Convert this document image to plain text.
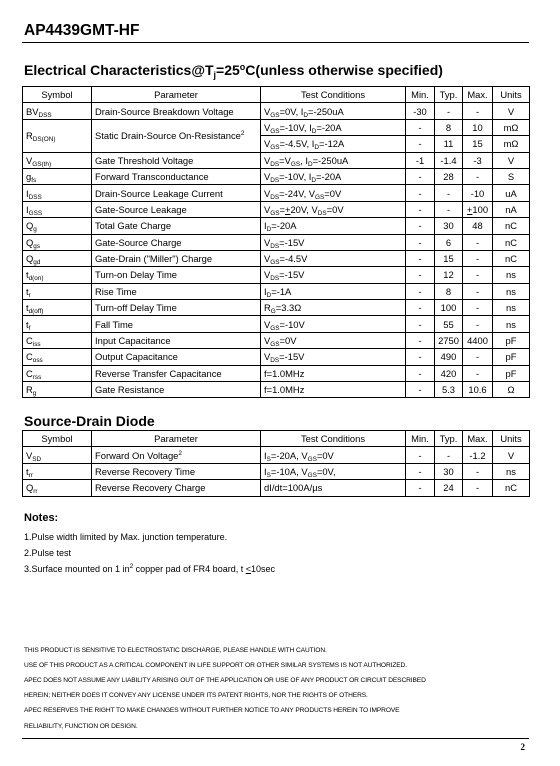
AP4439GMT-HF
Electrical $Characteristics@T_j=25^oC(unless$ otherwise specified)
Symbol	Parameter	Test Conditions	Min.	Typ.	Max.	Units
$BV_{DSS}$	Drain-Source Breakdown Voltage	$V_{GS}=0V$, $I_D=-250uA$	-30	-	-	V
$R_{DS(ON)}$	Static Drain-Source On-Resistance$^2$	$V_{GS}=-10V$, $I_D=-20A$	-	8	10	mΩ
		$V_{GS}=-4.5V$, $I_D=-12A$	-	11	15	mΩ
$V_{GS(th)}$	Gate Threshold Voltage	$V_{DS}=V_{GS}$, $I_D=-250uA$	-1	-1.4	-3	V
$g_{fs}$	Forward Transconductance	$V_{DS}=-10V$, $I_D=-20A$	-	28	-	S
$I_{DSS}$	Drain-Source Leakage Current	$V_{DS}=-24V$, $V_{GS}=0V$	-	-	-10	uA
$I_{GSS}$	Gate-Source Leakage	$V_{GS}=+20V$, $V_{DS}=0V$	-	-	+100	nA
$Q_g$	Total Gate Charge	$I_D=-20A$	-	30	48	nC
$Q_{gs}$	Gate-Source Charge	$V_{DS}=-15V$	-	6	-	nC
$Q_{gd}$	Gate-Drain ("Miller") Charge	$V_{GS}=-4.5V$	-	15	-	nC
$t_{d(on)}$	Turn-on Delay Time	$V_{DS}=-15V$	-	12	-	ns
$t_r$	Rise Time	$I_D=-1A$	-	8	-	ns
$t_{d(off)}$	Turn-off Delay Time	$R_G=3.3\Omega$	-	100	-	ns
$t_f$	Fall Time	$V_{GS}=-10V$	-	55	-	ns
$C_{iss}$	Input Capacitance	$V_{GS}=0V$	-	2750	4400	pF
$C_{oss}$	Output Capacitance	$V_{DS}=-15V$	-	490	-	pF
$C_{rss}$	Reverse Transfer Capacitance	f=1.0MHz	-	420	-	pF
$R_g$	Gate Resistance	f=1.0MHz	-	5.3	10.6	Ω
Source-Drain Diode
Symbol	Parameter	Test Conditions	Min.	Typ.	Max.	Units
$V_{SD}$	Forward On Voltage$^2$	$I_S=-20A$, $V_{GS}=0V$	-	-	-1.2	V
$t_{rr}$	Reverse Recovery Time	$I_S=-10A$, $V_{GS}=0V$,	-	30	-	ns
$Q_{rr}$	Reverse Recovery Charge	dI/dt=100A/µs	-	24	-	nC
Notes:
1.Pulse width limited by Max. junction temperature.
2.Pulse test
3.Surface mounted on 1 $in^2$ copper pad of FR4 board, t <10sec
THIS PRODUCT IS SENSITIVE TO ELECTROSTATIC DISCHARGE, PLEASE HANDLE WITH CAUTION.
USE OF THIS PRODUCT AS A CRITICAL COMPONENT IN LIFE SUPPORT OR OTHER SIMILAR SYSTEMS IS NOT AUTHORIZED.
APEC DOES NOT ASSUME ANY LIABILITY ARISING OUT OF THE APPLICATION OR USE OF ANY PRODUCT OR CIRCUIT DESCRIBED
HEREIN; NEITHER DOES IT CONVEY ANY LICENSE UNDER ITS PATENT RIGHTS, NOR THE RIGHTS OF OTHERS.
APEC RESERVES THE RIGHT TO MAKE CHANGES WITHOUT FURTHER NOTICE TO ANY PRODUCTS HEREIN TO IMPROVE
RELIABILITY, FUNCTION OR DESIGN.
2
